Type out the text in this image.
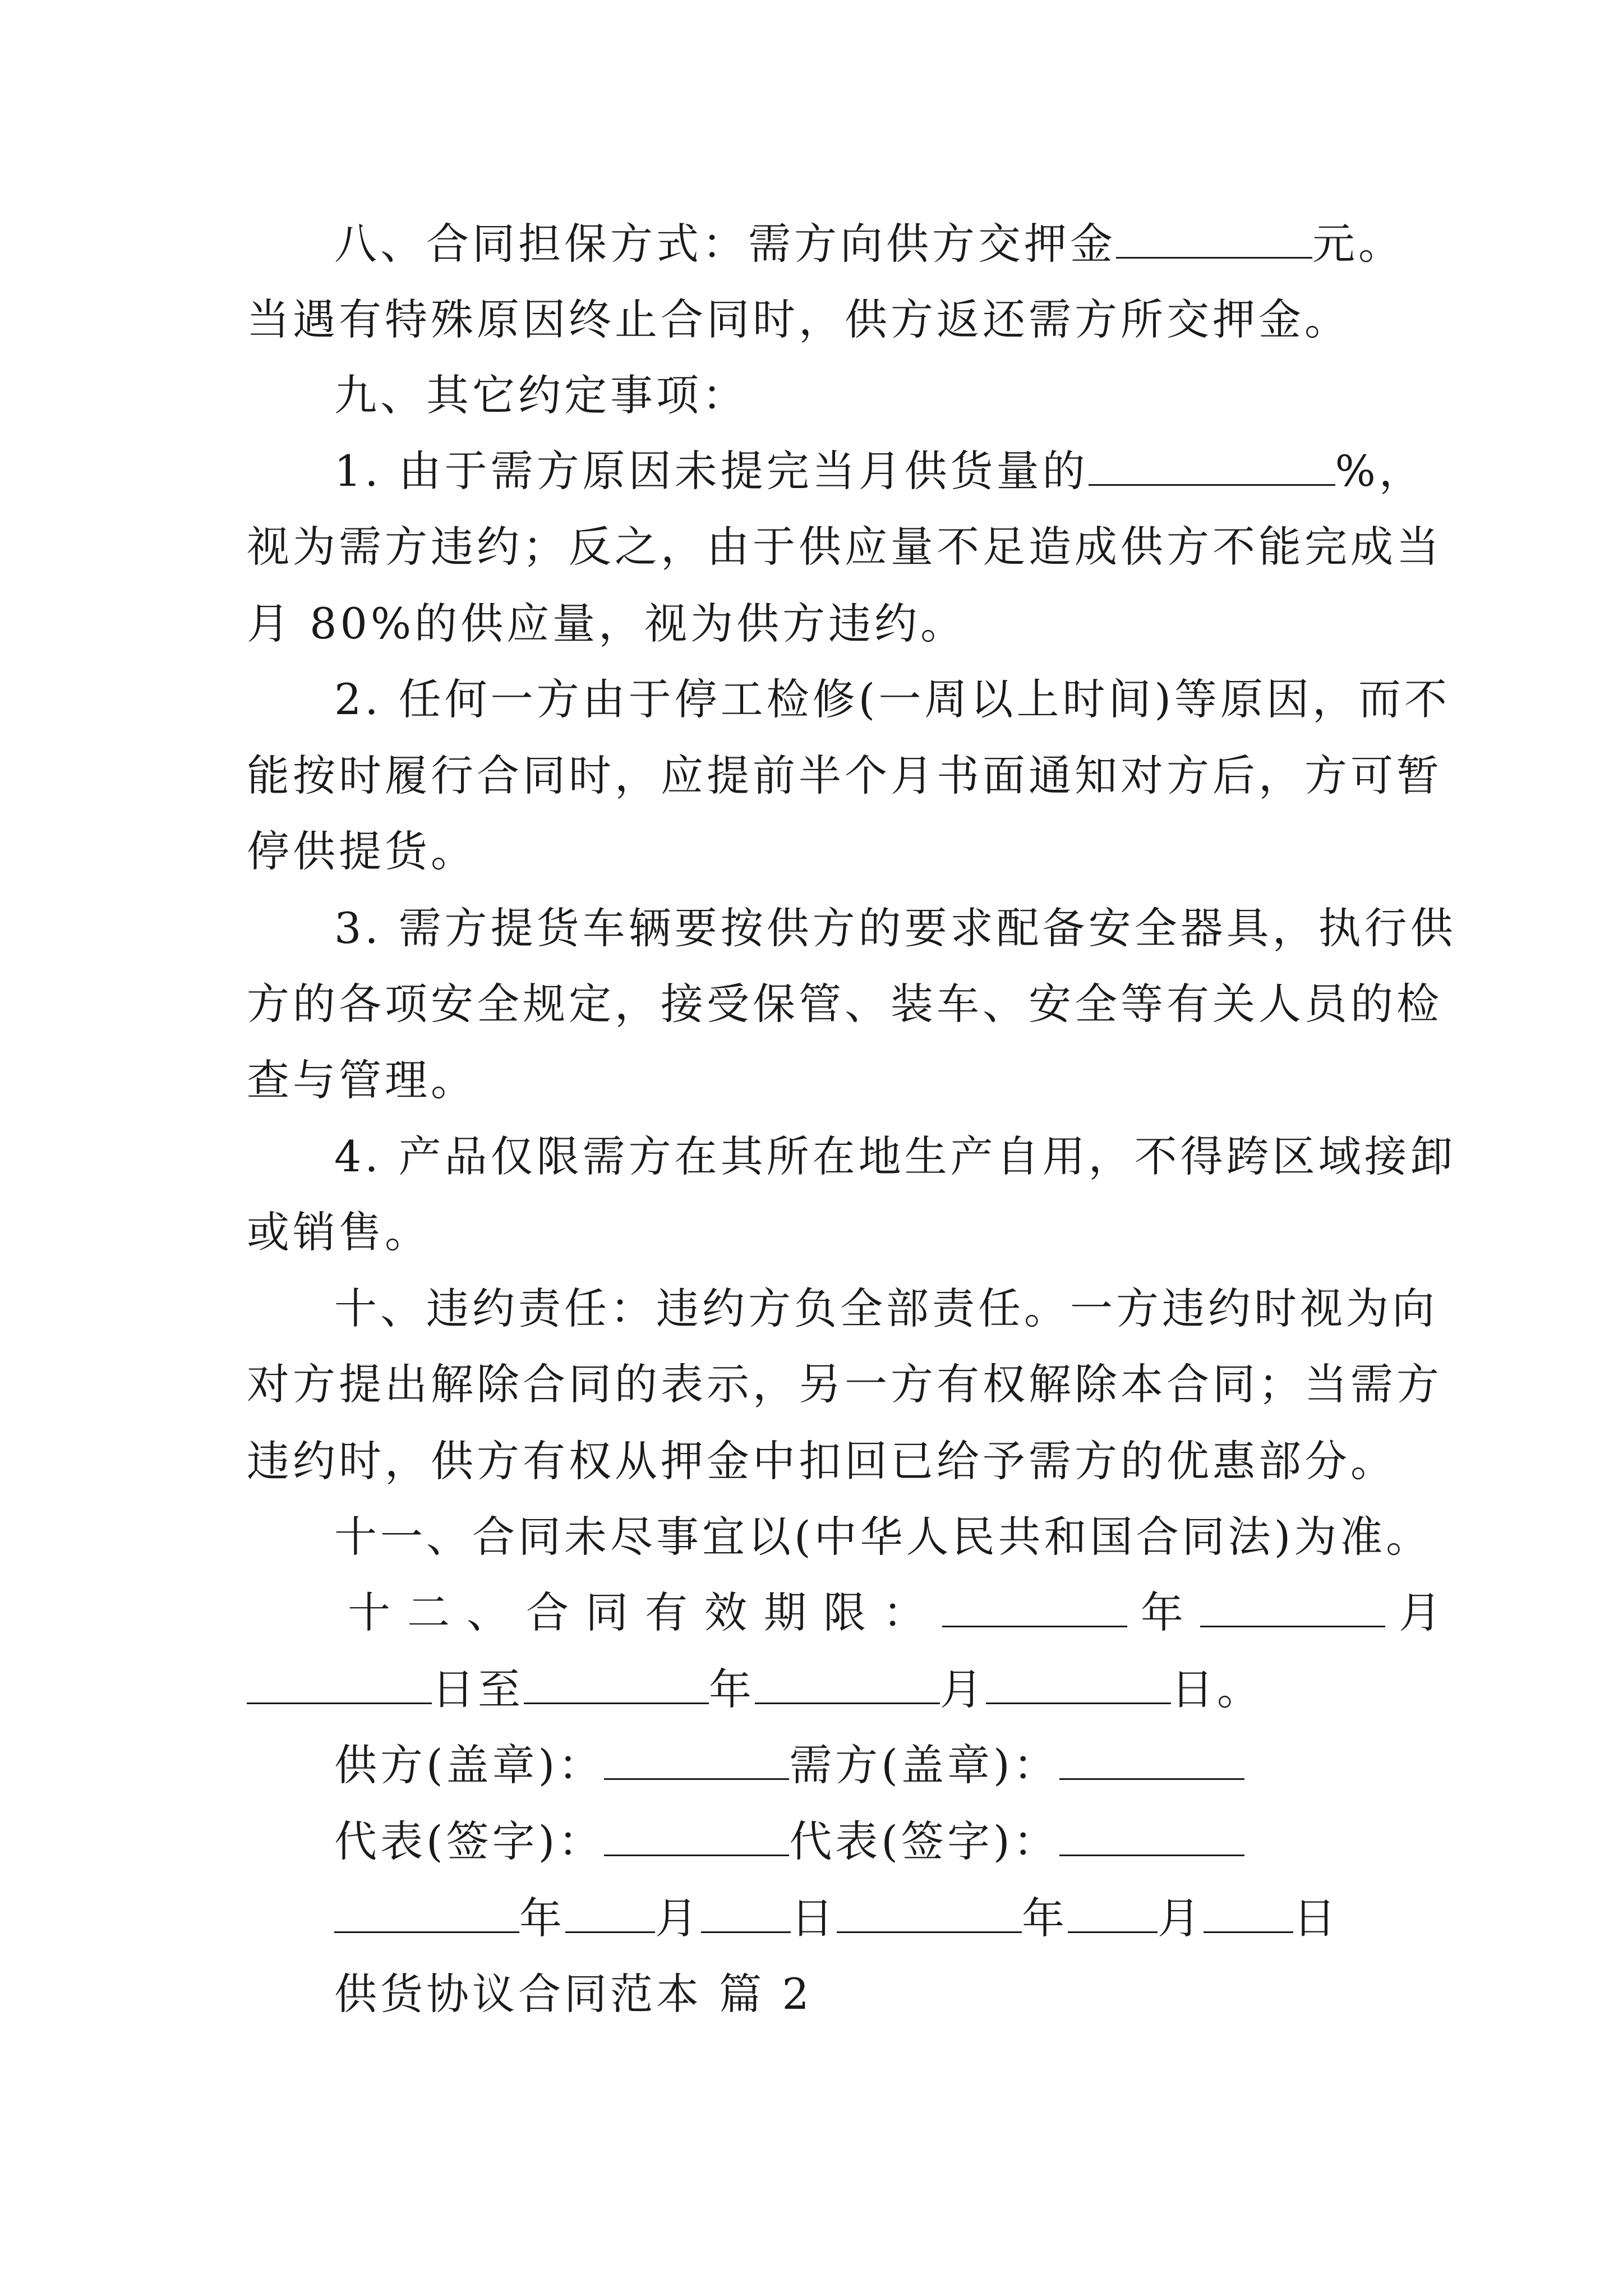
八、合同担保方式：需方向供方交押金	元。
当遇有特殊原因终止合同时，供方返还需方所交押金。
九、其它约定事项：
1. 由于需方原因未提完当月供货量的	%，
视为需方违约；反之，由于供应量不足造成供方不能完成当
月 80%的供应量，视为供方违约。
2. 任何一方由于停工检修(一周以上时间)等原因，而不
能按时履行合同时，应提前半个月书面通知对方后，方可暂
停供提货。
3. 需方提货车辆要按供方的要求配备安全器具，执行供
方的各项安全规定，接受保管、装车、安全等有关人员的检
查与管理。
4. 产品仅限需方在其所在地生产自用，不得跨区域接卸
或销售。
十、违约责任：违约方负全部责任。一方违约时视为向
对方提出解除合同的表示，另一方有权解除本合同；当需方
违约时，供方有权从押金中扣回已给予需方的优惠部分。
十一、合同未尽事宜以(中华人民共和国合同法)为准。
十二、合同有效期限：	年	月
日至	年	月	日。
供方(盖章)：	需方(盖章)：
代表(签字)：	代表(签字)：
年 月 日	年 月 日
供货协议合同范本 篇 2
